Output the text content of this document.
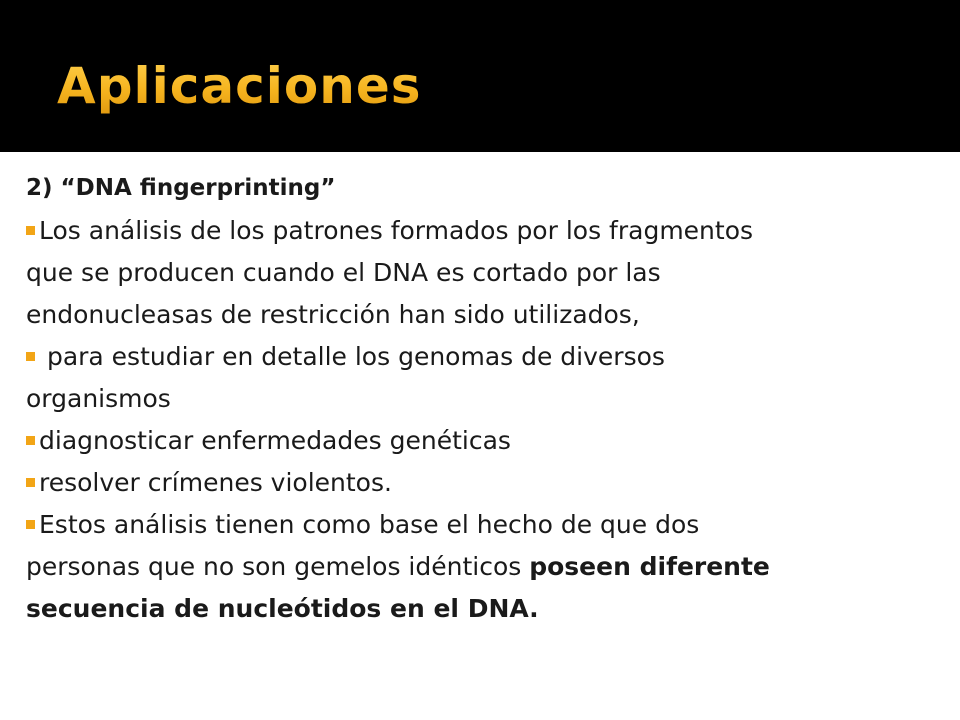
Aplicaciones

2) “DNA fingerprinting”

Los análisis de los patrones formados por los fragmentos

que se producen cuando el DNA es cortado por las

endonucleasas de restricción han sido utilizados,

para estudiar en detalle los genomas de diversos

organismos

diagnosticar enfermedades genéticas

resolver crímenes violentos.

Estos análisis tienen como base el hecho de que dos

personas que no son gemelos idénticos poseen diferente

secuencia de nucleótidos en el DNA.
